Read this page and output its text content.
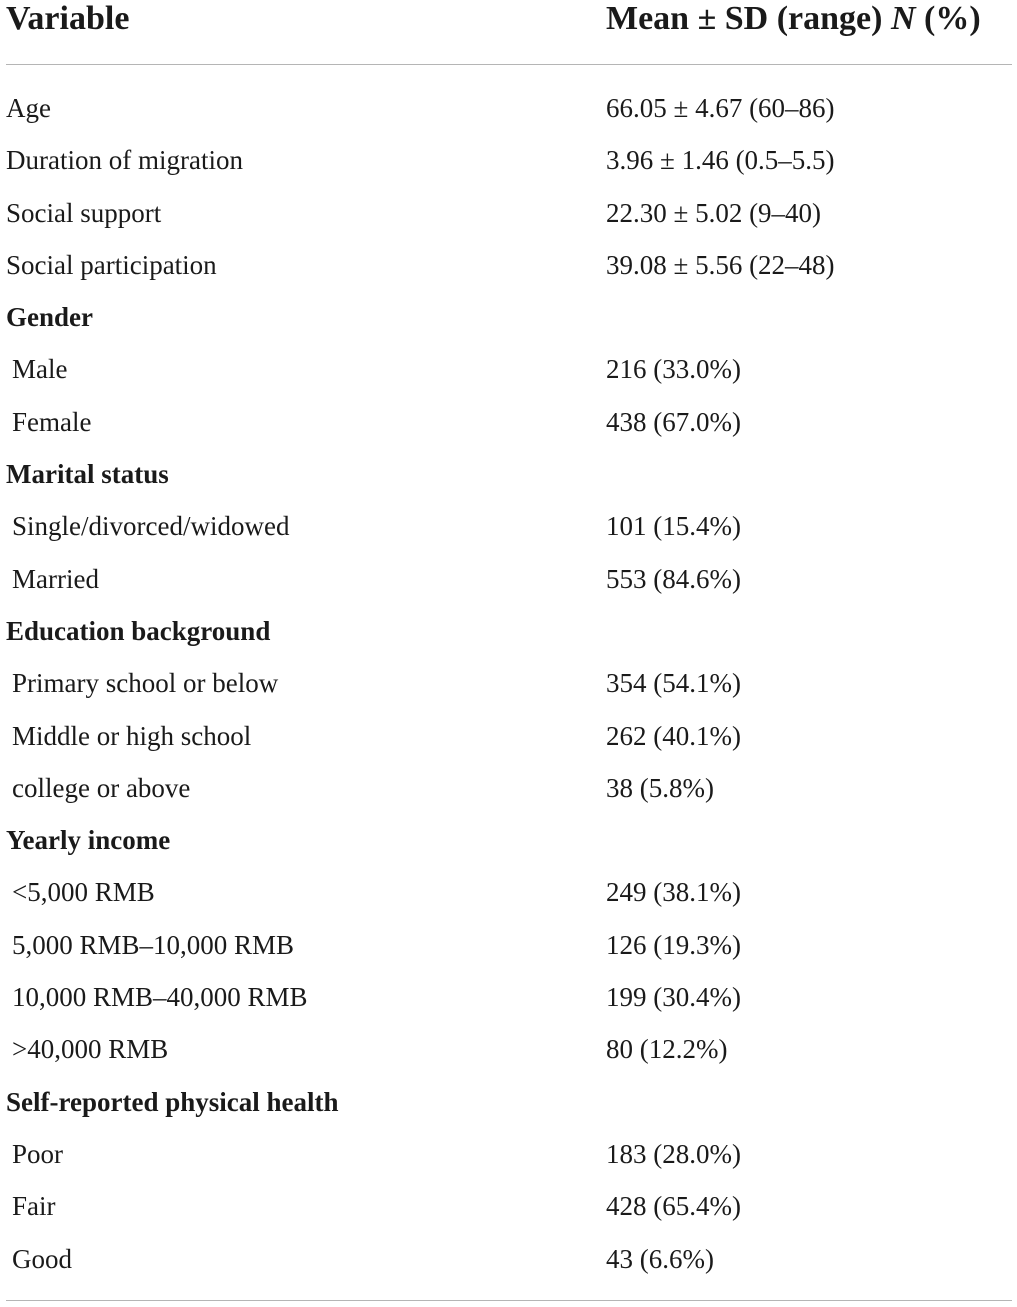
Variable	Mean ± SD (range) N (%)
Age	66.05 ± 4.67 (60–86)
Duration of migration	3.96 ± 1.46 (0.5–5.5)
Social support	22.30 ± 5.02 (9–40)
Social participation	39.08 ± 5.56 (22–48)
Gender
Male	216 (33.0%)
Female	438 (67.0%)
Marital status
Single/divorced/widowed	101 (15.4%)
Married	553 (84.6%)
Education background
Primary school or below	354 (54.1%)
Middle or high school	262 (40.1%)
college or above	38 (5.8%)
Yearly income
<5,000 RMB	249 (38.1%)
5,000 RMB–10,000 RMB	126 (19.3%)
10,000 RMB–40,000 RMB	199 (30.4%)
>40,000 RMB	80 (12.2%)
Self-reported physical health
Poor	183 (28.0%)
Fair	428 (65.4%)
Good	43 (6.6%)
